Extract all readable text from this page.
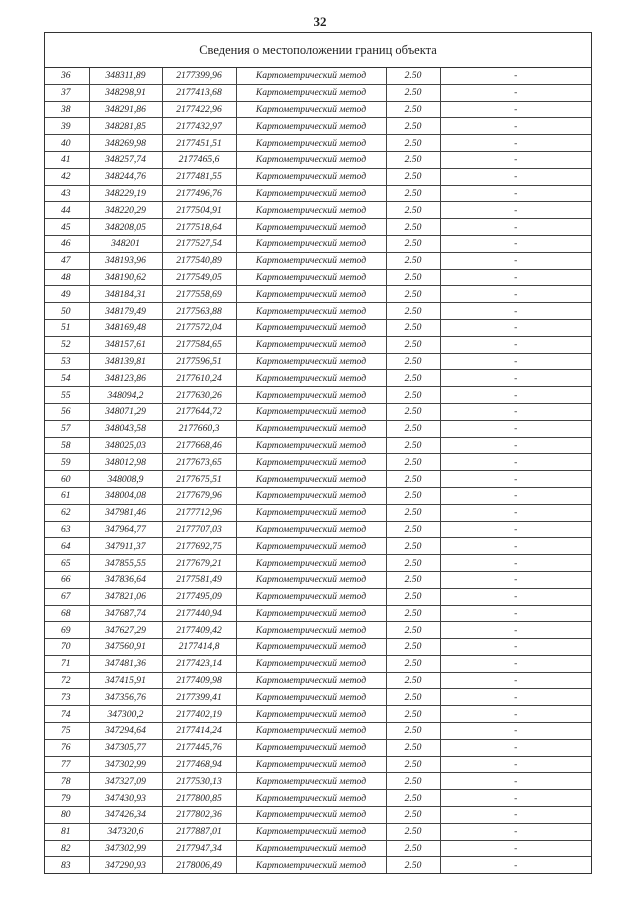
32
Сведения о местоположении границ объекта
36	348311,89	2177399,96	Картометрический метод	2.50	-
37	348298,91	2177413,68	Картометрический метод	2.50	-
38	348291,86	2177422,96	Картометрический метод	2.50	-
39	348281,85	2177432,97	Картометрический метод	2.50	-
40	348269,98	2177451,51	Картометрический метод	2.50	-
41	348257,74	2177465,6	Картометрический метод	2.50	-
42	348244,76	2177481,55	Картометрический метод	2.50	-
43	348229,19	2177496,76	Картометрический метод	2.50	-
44	348220,29	2177504,91	Картометрический метод	2.50	-
45	348208,05	2177518,64	Картометрический метод	2.50	-
46	348201	2177527,54	Картометрический метод	2.50	-
47	348193,96	2177540,89	Картометрический метод	2.50	-
48	348190,62	2177549,05	Картометрический метод	2.50	-
49	348184,31	2177558,69	Картометрический метод	2.50	-
50	348179,49	2177563,88	Картометрический метод	2.50	-
51	348169,48	2177572,04	Картометрический метод	2.50	-
52	348157,61	2177584,65	Картометрический метод	2.50	-
53	348139,81	2177596,51	Картометрический метод	2.50	-
54	348123,86	2177610,24	Картометрический метод	2.50	-
55	348094,2	2177630,26	Картометрический метод	2.50	-
56	348071,29	2177644,72	Картометрический метод	2.50	-
57	348043,58	2177660,3	Картометрический метод	2.50	-
58	348025,03	2177668,46	Картометрический метод	2.50	-
59	348012,98	2177673,65	Картометрический метод	2.50	-
60	348008,9	2177675,51	Картометрический метод	2.50	-
61	348004,08	2177679,96	Картометрический метод	2.50	-
62	347981,46	2177712,96	Картометрический метод	2.50	-
63	347964,77	2177707,03	Картометрический метод	2.50	-
64	347911,37	2177692,75	Картометрический метод	2.50	-
65	347855,55	2177679,21	Картометрический метод	2.50	-
66	347836,64	2177581,49	Картометрический метод	2.50	-
67	347821,06	2177495,09	Картометрический метод	2.50	-
68	347687,74	2177440,94	Картометрический метод	2.50	-
69	347627,29	2177409,42	Картометрический метод	2.50	-
70	347560,91	2177414,8	Картометрический метод	2.50	-
71	347481,36	2177423,14	Картометрический метод	2.50	-
72	347415,91	2177409,98	Картометрический метод	2.50	-
73	347356,76	2177399,41	Картометрический метод	2.50	-
74	347300,2	2177402,19	Картометрический метод	2.50	-
75	347294,64	2177414,24	Картометрический метод	2.50	-
76	347305,77	2177445,76	Картометрический метод	2.50	-
77	347302,99	2177468,94	Картометрический метод	2.50	-
78	347327,09	2177530,13	Картометрический метод	2.50	-
79	347430,93	2177800,85	Картометрический метод	2.50	-
80	347426,34	2177802,36	Картометрический метод	2.50	-
81	347320,6	2177887,01	Картометрический метод	2.50	-
82	347302,99	2177947,34	Картометрический метод	2.50	-
83	347290,93	2178006,49	Картометрический метод	2.50	-
